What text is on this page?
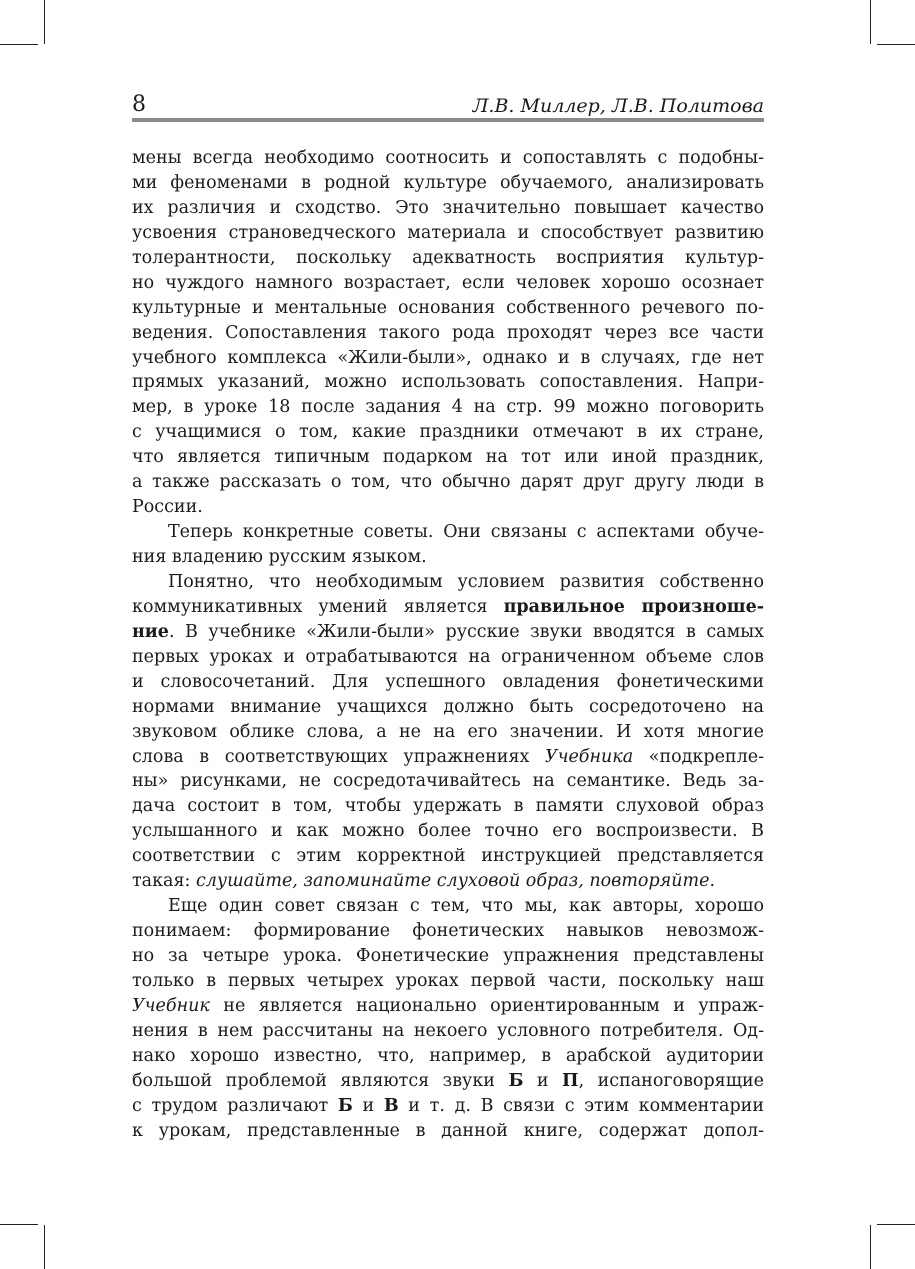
8	Л.В. Миллер, Л.В. Политова
мены всегда необходимо соотносить и сопоставлять с подобны-
ми феноменами в родной культуре обучаемого, анализировать
их различия и сходство. Это значительно повышает качество
усвоения страноведческого материала и способствует развитию
толерантности, поскольку адекватность восприятия культур-
но чуждого намного возрастает, если человек хорошо осознает
культурные и ментальные основания собственного речевого по-
ведения. Сопоставления такого рода проходят через все части
учебного комплекса «Жили-были», однако и в случаях, где нет
прямых указаний, можно использовать сопоставления. Напри-
мер, в уроке 18 после задания 4 на стр. 99 можно поговорить
с учащимися о том, какие праздники отмечают в их стране,
что является типичным подарком на тот или иной праздник,
а также рассказать о том, что обычно дарят друг другу люди в
России.
Теперь конкретные советы. Они связаны с аспектами обуче-
ния владению русским языком.
Понятно, что необходимым условием развития собственно
коммуникативных умений является правильное произноше-
ние. В учебнике «Жили-были» русские звуки вводятся в самых
первых уроках и отрабатываются на ограниченном объеме слов
и словосочетаний. Для успешного овладения фонетическими
нормами внимание учащихся должно быть сосредоточено на
звуковом облике слова, а не на его значении. И хотя многие
слова в соответствующих упражнениях Учебника «подкрепле-
ны» рисунками, не сосредотачивайтесь на семантике. Ведь за-
дача состоит в том, чтобы удержать в памяти слуховой образ
услышанного и как можно более точно его воспроизвести. В
соответствии с этим корректной инструкцией представляется
такая: слушайте, запоминайте слуховой образ, повторяйте.
Еще один совет связан с тем, что мы, как авторы, хорошо
понимаем: формирование фонетических навыков невозмож-
но за четыре урока. Фонетические упражнения представлены
только в первых четырех уроках первой части, поскольку наш
Учебник не является национально ориентированным и упраж-
нения в нем рассчитаны на некоего условного потребителя. Од-
нако хорошо известно, что, например, в арабской аудитории
большой проблемой являются звуки Б и П, испаноговорящие
с трудом различают Б и В и т. д. В связи с этим комментарии
к урокам, представленные в данной книге, содержат допол-
